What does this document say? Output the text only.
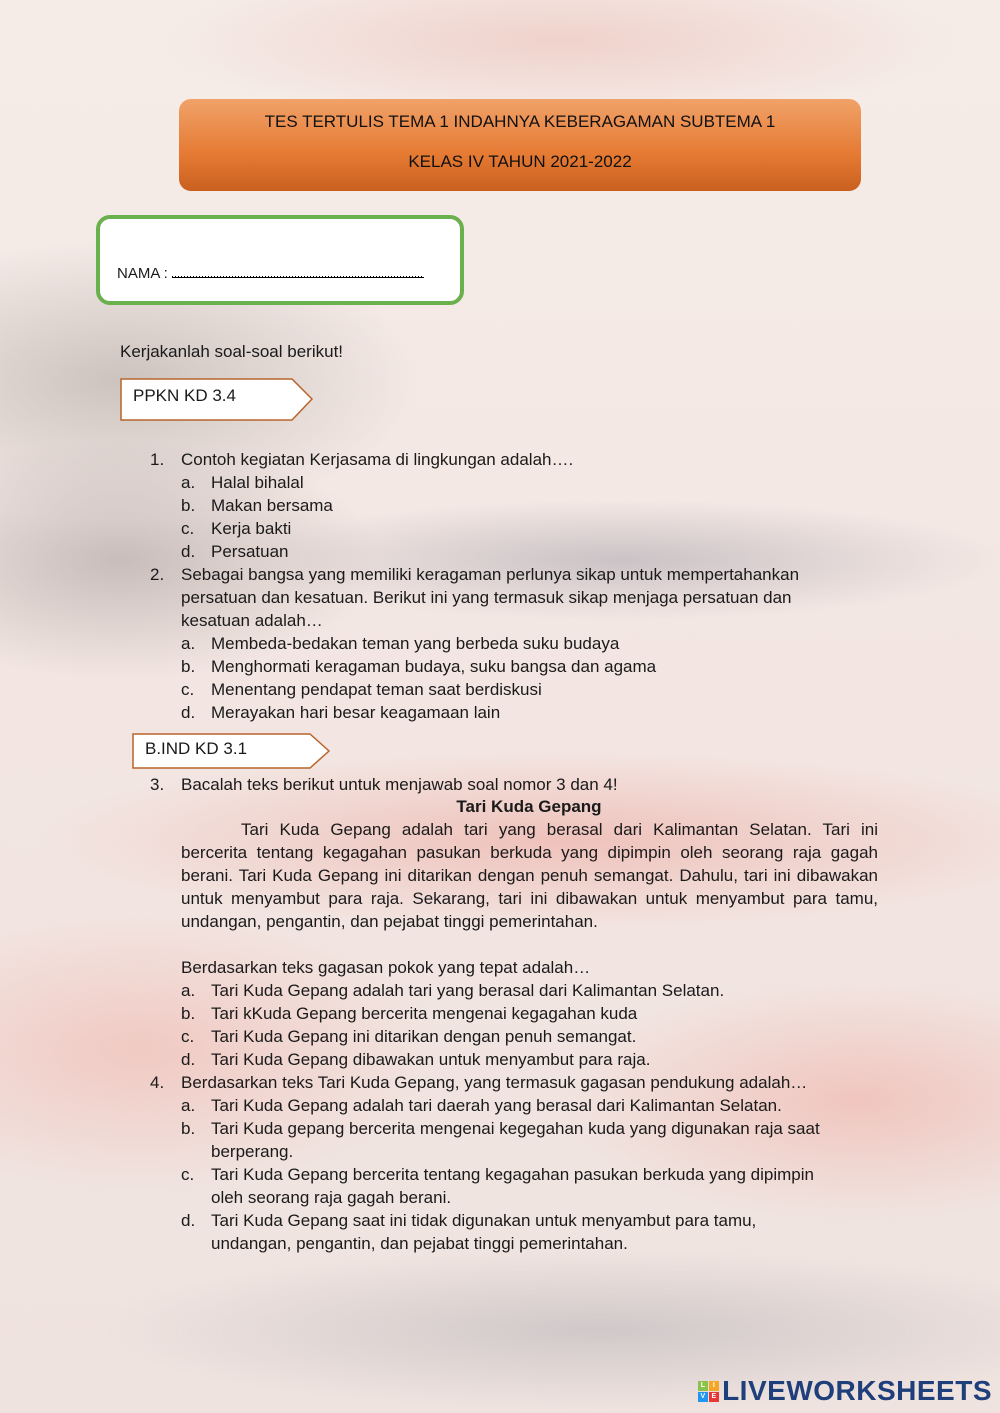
TES TERTULIS TEMA 1 INDAHNYA KEBERAGAMAN SUBTEMA 1
KELAS IV TAHUN 2021-2022
NAMA :
Kerjakanlah soal-soal berikut!
PPKN KD 3.4
B.IND KD 3.1
1. Contoh kegiatan Kerjasama di lingkungan adalah….
a. Halal bihalal
b. Makan bersama
c. Kerja bakti
d. Persatuan
2. Sebagai bangsa yang memiliki keragaman perlunya sikap untuk mempertahankan
persatuan dan kesatuan. Berikut ini yang termasuk sikap menjaga persatuan dan
kesatuan adalah…
a. Membeda-bedakan teman yang berbeda suku budaya
b. Menghormati keragaman budaya, suku bangsa dan agama
c. Menentang pendapat teman saat berdiskusi
d. Merayakan hari besar keagamaan lain
3. Bacalah teks berikut untuk menjawab soal nomor 3 dan 4!
Tari Kuda Gepang
Tari Kuda Gepang adalah tari yang berasal dari Kalimantan Selatan. Tari ini bercerita tentang kegagahan pasukan berkuda yang dipimpin oleh seorang raja gagah berani. Tari Kuda Gepang ini ditarikan dengan penuh semangat. Dahulu, tari ini dibawakan untuk menyambut para raja. Sekarang, tari ini dibawakan untuk menyambut para tamu, undangan, pengantin, dan pejabat tinggi pemerintahan.
Berdasarkan teks gagasan pokok yang tepat adalah…
a. Tari Kuda Gepang adalah tari yang berasal dari Kalimantan Selatan.
b. Tari kKuda Gepang bercerita mengenai kegagahan kuda
c. Tari Kuda Gepang ini ditarikan dengan penuh semangat.
d. Tari Kuda Gepang dibawakan untuk menyambut para raja.
4. Berdasarkan teks Tari Kuda Gepang, yang termasuk gagasan pendukung adalah…
a. Tari Kuda Gepang adalah tari daerah yang berasal dari Kalimantan Selatan.
b. Tari Kuda gepang bercerita mengenai kegegahan kuda yang digunakan raja saat
berperang.
c. Tari Kuda Gepang bercerita tentang kegagahan pasukan berkuda yang dipimpin
oleh seorang raja gagah berani.
d. Tari Kuda Gepang saat ini tidak digunakan untuk menyambut para tamu,
undangan, pengantin, dan pejabat tinggi pemerintahan.
L	I
V E LIVEWORKSHEETS
